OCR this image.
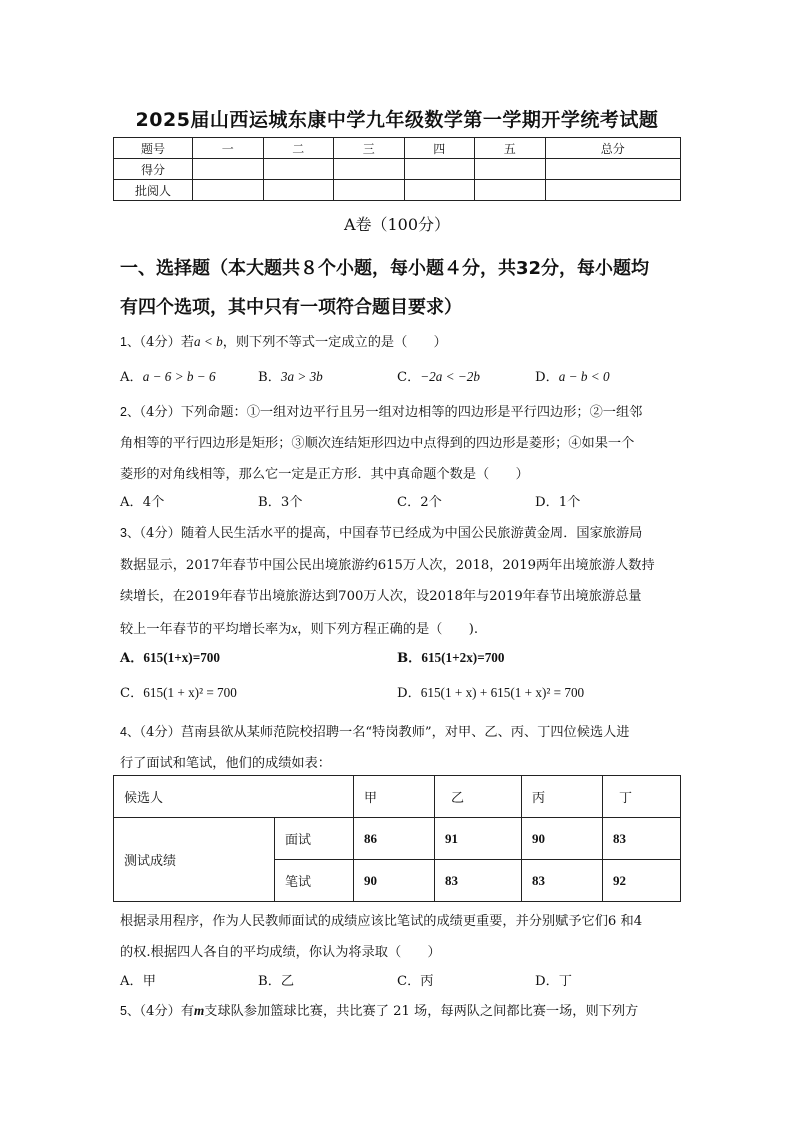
2025届山西运城东康中学九年级数学第一学期开学统考试题
题号	一	二	三	四	五	总分
得分						
批阅人						
A卷（100分）
一、选择题（本大题共８个小题，每小题４分，共32分，每小题均
有四个选项，其中只有一项符合题目要求）
1、（4分）若a < b，则下列不等式一定成立的是（　　）
A．a − 6 > b − 6	B．3a > 3b	C．−2a < −2b	D．a − b < 0
2、（4分）下列命题：①一组对边平行且另一组对边相等的四边形是平行四边形；②一组邻
角相等的平行四边形是矩形；③顺次连结矩形四边中点得到的四边形是菱形；④如果一个
菱形的对角线相等，那么它一定是正方形．其中真命题个数是（　　）
A．4个	B．3个	C．2个	D．1个
3、（4分）随着人民生活水平的提高，中国春节已经成为中国公民旅游黄金周．国家旅游局
数据显示，2017年春节中国公民出境旅游约615万人次，2018，2019两年出境旅游人数持
续增长，在2019年春节出境旅游达到700万人次，设2018年与2019年春节出境旅游总量
较上一年春节的平均增长率为x，则下列方程正确的是（　　).
A．615(1+x)=700	B．615(1+2x)=700
C．615(1 + x)² = 700	D．615(1 + x) + 615(1 + x)² = 700
4、（4分）莒南县欲从某师范院校招聘一名“特岗教师”，对甲、乙、丙、丁四位候选人进
行了面试和笔试，他们的成绩如表：
候选人		甲	乙	丙	丁
测试成绩	面试	86	91	90	83
	笔试	90	83	83	92
根据录用程序，作为人民教师面试的成绩应该比笔试的成绩更重要，并分别赋予它们6 和4
的权.根据四人各自的平均成绩，你认为将录取（　　）
A．甲	B．乙	C．丙	D．丁
5、（4分）有m支球队参加篮球比赛，共比赛了 21 场，每两队之间都比赛一场，则下列方
